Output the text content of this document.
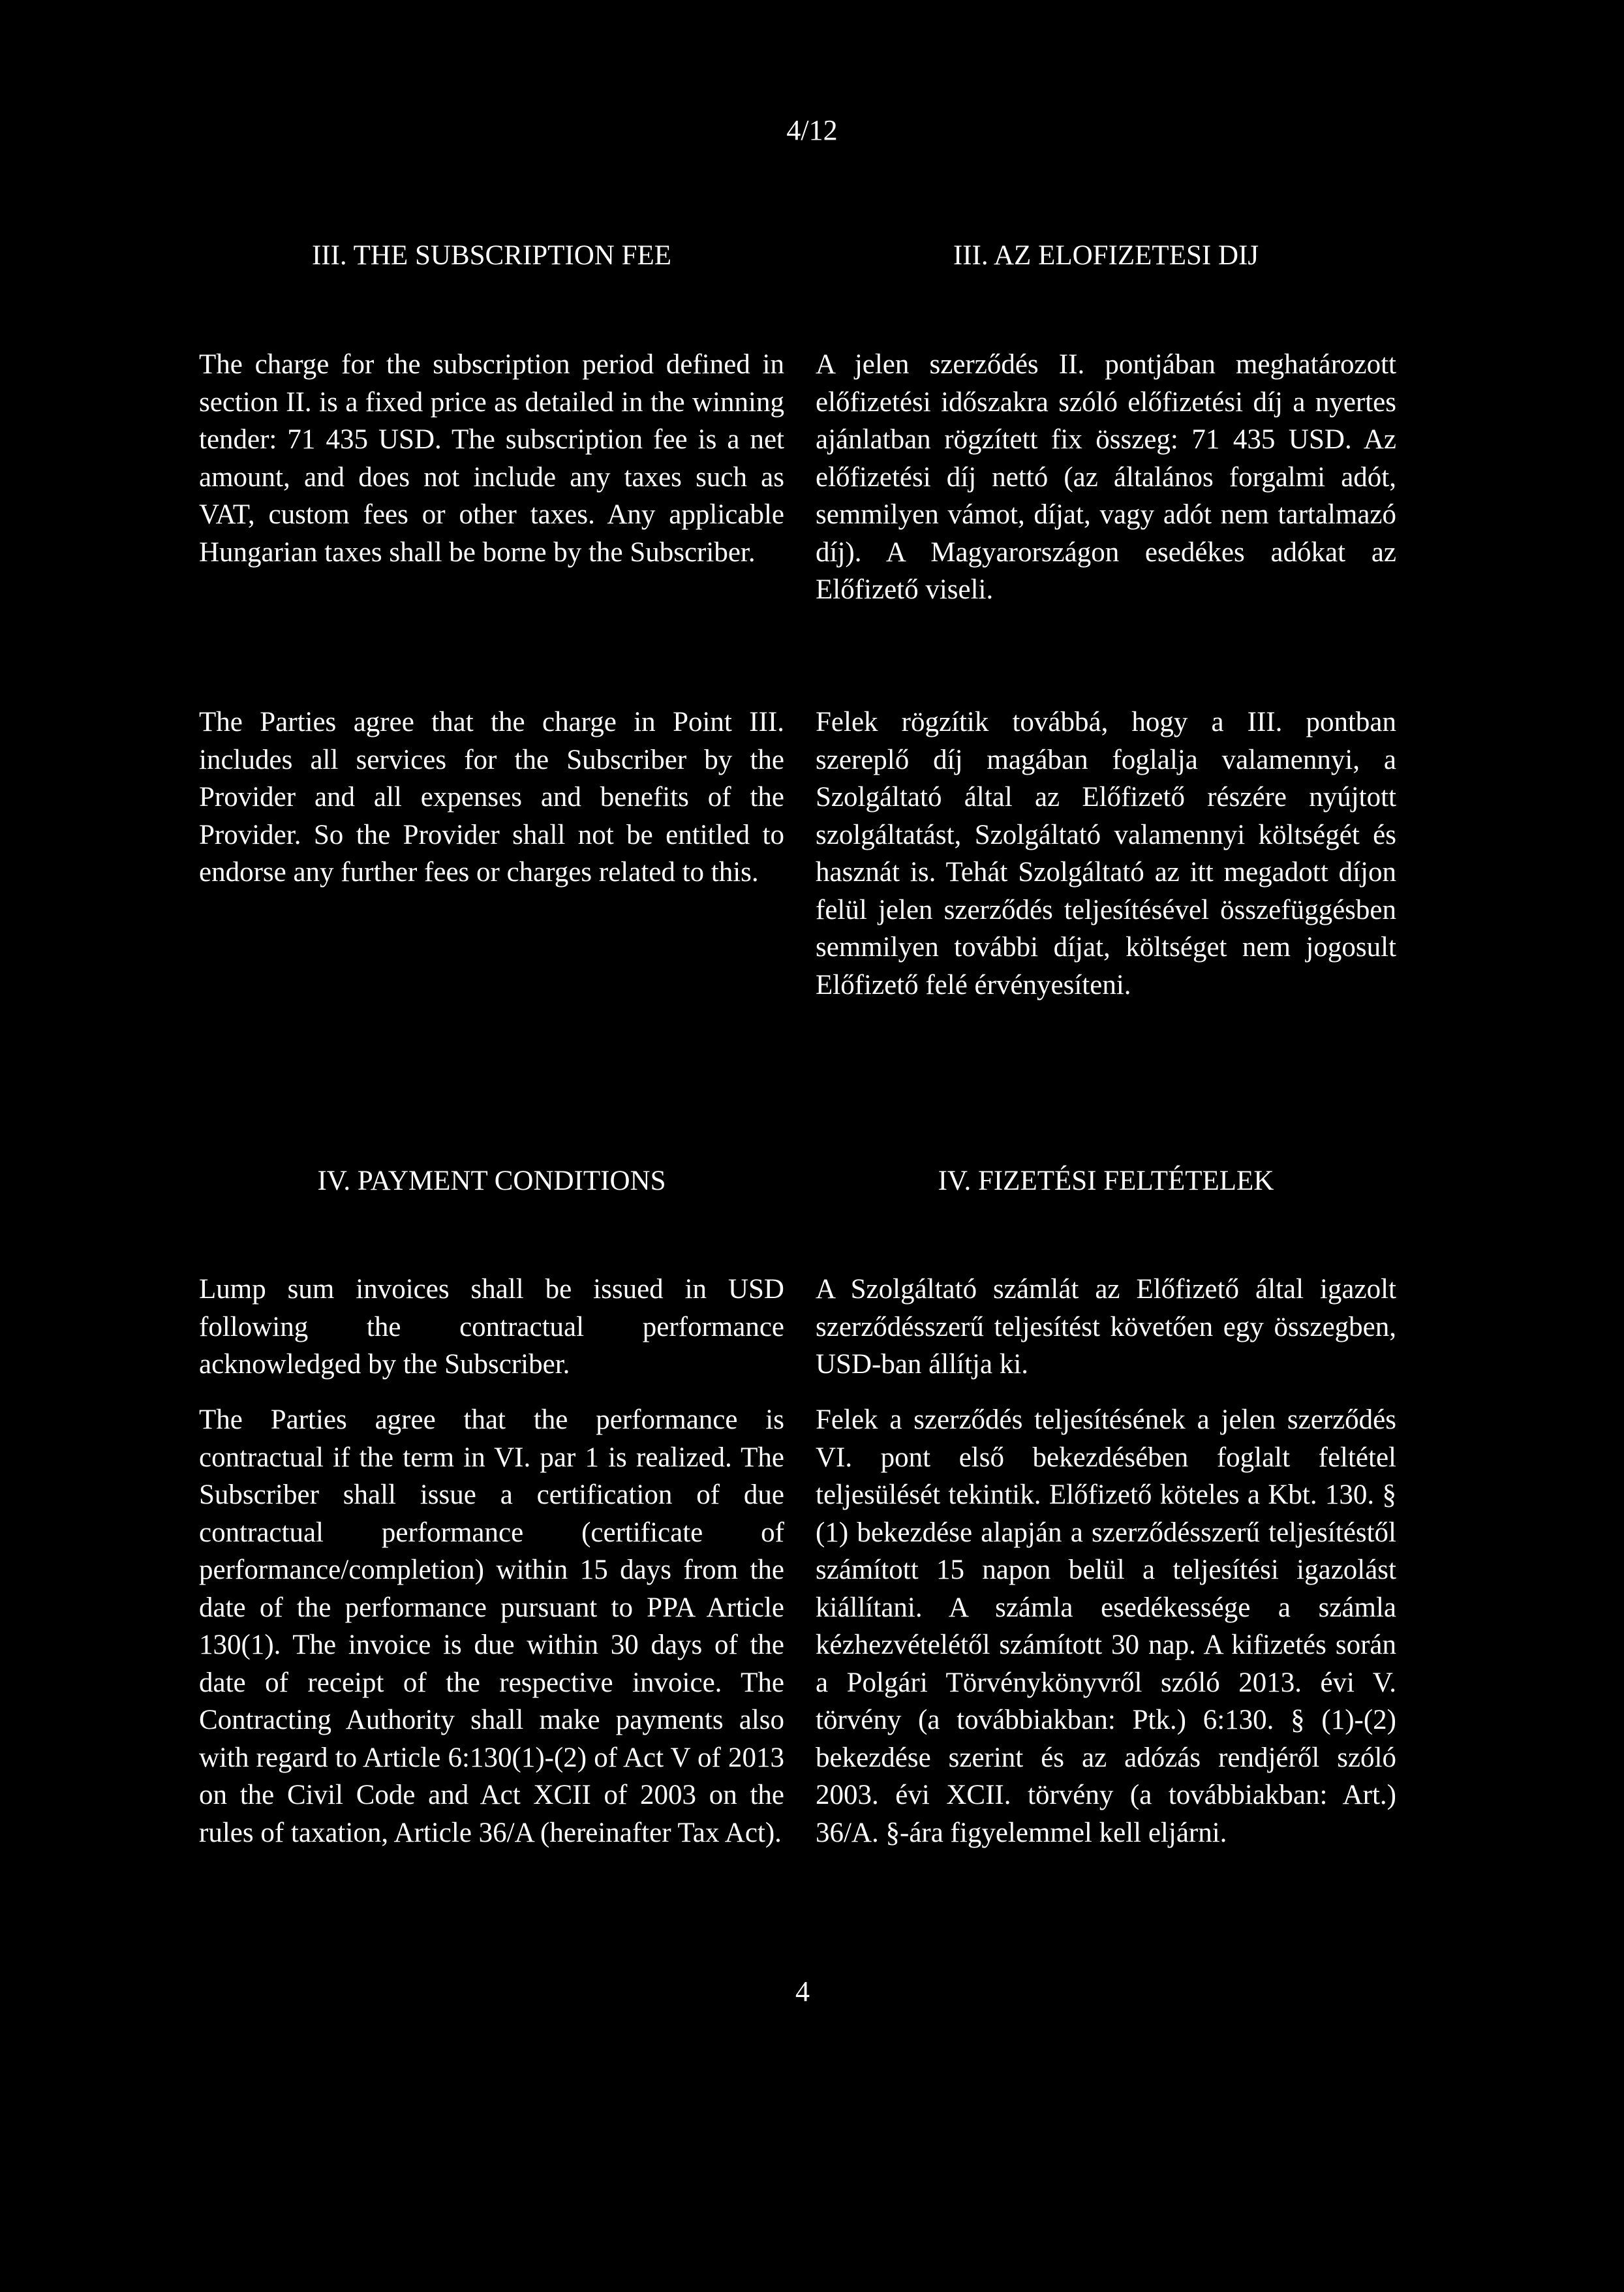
4/12
III. THE SUBSCRIPTION FEE	III. AZ ELOFIZETESI DIJ

The charge for the subscription period defined in section II. is a fixed price as detailed in the winning tender: 71 435 USD. The subscription fee is a net amount, and does not include any taxes such as VAT, custom fees or other taxes. Any applicable Hungarian taxes shall be borne by the Subscriber.

A jelen szerződés II. pontjában meghatározott előfizetési időszakra szóló előfizetési díj a nyertes ajánlatban rögzített fix összeg: 71 435 USD. Az előfizetési díj nettó (az általános forgalmi adót, semmilyen vámot, díjat, vagy adót nem tartalmazó díj). A Magyarországon esedékes adókat az Előfizető viseli.

The Parties agree that the charge in Point III. includes all services for the Subscriber by the Provider and all expenses and benefits of the Provider. So the Provider shall not be entitled to endorse any further fees or charges related to this.

Felek rögzítik továbbá, hogy a III. pontban szereplő díj magában foglalja valamennyi, a Szolgáltató által az Előfizető részére nyújtott szolgáltatást, Szolgáltató valamennyi költségét és hasznát is. Tehát Szolgáltató az itt megadott díjon felül jelen szerződés teljesítésével összefüggésben semmilyen további díjat, költséget nem jogosult Előfizető felé érvényesíteni.

IV. PAYMENT CONDITIONS	IV. FIZETÉSI FELTÉTELEK

Lump sum invoices shall be issued in USD following the contractual performance acknowledged by the Subscriber.

A Szolgáltató számlát az Előfizető által igazolt szerződésszerű teljesítést követően egy összegben, USD-ban állítja ki.

The Parties agree that the performance is contractual if the term in VI. par 1 is realized. The Subscriber shall issue a certification of due contractual performance (certificate of performance/completion) within 15 days from the date of the performance pursuant to PPA Article 130(1). The invoice is due within 30 days of the date of receipt of the respective invoice. The Contracting Authority shall make payments also with regard to Article 6:130(1)-(2) of Act V of 2013 on the Civil Code and Act XCII of 2003 on the rules of taxation, Article 36/A (hereinafter Tax Act).

Felek a szerződés teljesítésének a jelen szerződés VI. pont első bekezdésében foglalt feltétel teljesülését tekintik. Előfizető köteles a Kbt. 130. § (1) bekezdése alapján a szerződésszerű teljesítéstől számított 15 napon belül a teljesítési igazolást kiállítani. A számla esedékessége a számla kézhezvételétől számított 30 nap. A kifizetés során a Polgári Törvénykönyvről szóló 2013. évi V. törvény (a továbbiakban: Ptk.) 6:130. § (1)-(2) bekezdése szerint és az adózás rendjéről szóló 2003. évi XCII. törvény (a továbbiakban: Art.) 36/A. §-ára figyelemmel kell eljárni.

4
